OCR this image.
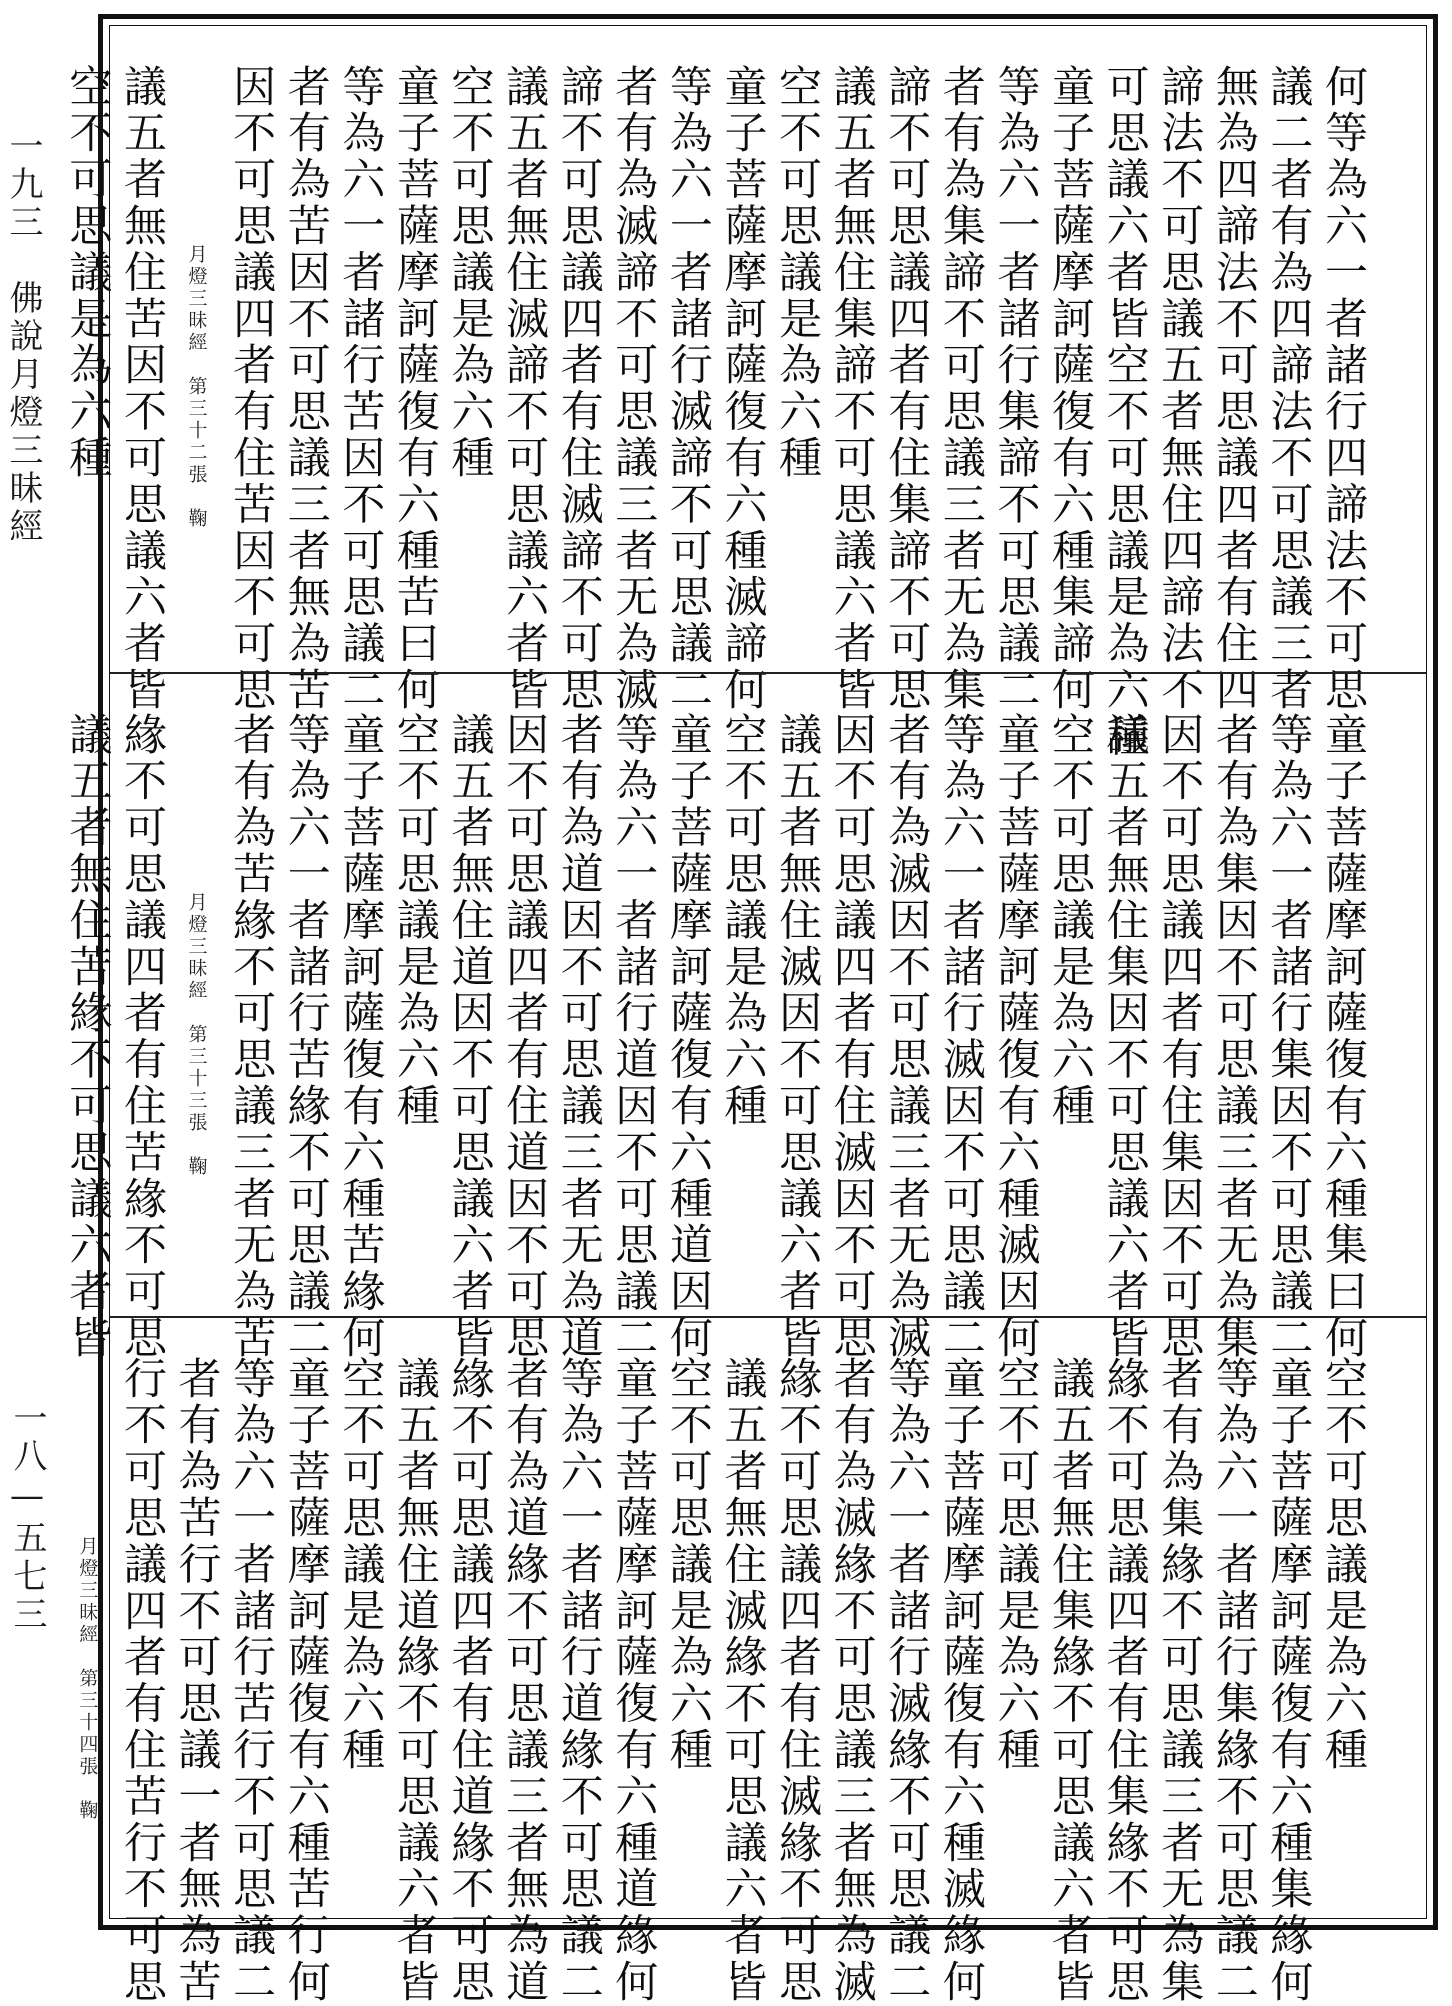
一九三　佛說月燈三昧經
一八—五七三
何等為六一者諸行四諦法不可思
議二者有為四諦法不可思議三者
無為四諦法不可思議四者有住四
諦法不可思議五者無住四諦法不
可思議六者皆空不可思議是為六種
童子菩薩摩訶薩復有六種集諦何
等為六一者諸行集諦不可思議二
者有為集諦不可思議三者无為集
諦不可思議四者有住集諦不可思
議五者無住集諦不可思議六者皆
空不可思議是為六種
童子菩薩摩訶薩復有六種滅諦何
等為六一者諸行滅諦不可思議二
者有為滅諦不可思議三者无為滅
諦不可思議四者有住滅諦不可思
議五者無住滅諦不可思議六者皆
空不可思議是為六種
童子菩薩摩訶薩復有六種苦曰何
等為六一者諸行苦因不可思議二
者有為苦因不可思議三者無為苦
因不可思議四者有住苦因不可思
月燈三昧經　第三十二張　鞠
議五者無住苦因不可思議六者皆
空不可思議是為六種
童子菩薩摩訶薩復有六種集曰何
等為六一者諸行集因不可思議二
者有為集因不可思議三者无為集
因不可思議四者有住集因不可思
議五者無住集因不可思議六者皆
空不可思議是為六種
童子菩薩摩訶薩復有六種滅因何
等為六一者諸行滅因不可思議二
者有為滅因不可思議三者无為滅
因不可思議四者有住滅因不可思
議五者無住滅因不可思議六者皆
空不可思議是為六種
童子菩薩摩訶薩復有六種道因何
等為六一者諸行道因不可思議二
者有為道因不可思議三者无為道
因不可思議四者有住道因不可思
議五者無住道因不可思議六者皆
空不可思議是為六種
童子菩薩摩訶薩復有六種苦緣何
等為六一者諸行苦緣不可思議二
者有為苦緣不可思議三者无為苦
月燈三昧經　第三十三張　鞠
緣不可思議四者有住苦緣不可思
議五者無住苦緣不可思議六者皆
空不可思議是為六種
童子菩薩摩訶薩復有六種集緣何
等為六一者諸行集緣不可思議二
者有為集緣不可思議三者无為集
緣不可思議四者有住集緣不可思
議五者無住集緣不可思議六者皆
空不可思議是為六種
童子菩薩摩訶薩復有六種滅緣何
等為六一者諸行滅緣不可思議二
者有為滅緣不可思議三者無為滅
緣不可思議四者有住滅緣不可思
議五者無住滅緣不可思議六者皆
空不可思議是為六種
童子菩薩摩訶薩復有六種道緣何
等為六一者諸行道緣不可思議二
者有為道緣不可思議三者無為道
緣不可思議四者有住道緣不可思
議五者無住道緣不可思議六者皆
空不可思議是為六種
童子菩薩摩訶薩復有六種苦行何
等為六一者諸行苦行不可思議二
者有為苦行不可思議一者無為苦
行不可思議四者有住苦行不可思
月燈三昧經　第三十四張　鞠
